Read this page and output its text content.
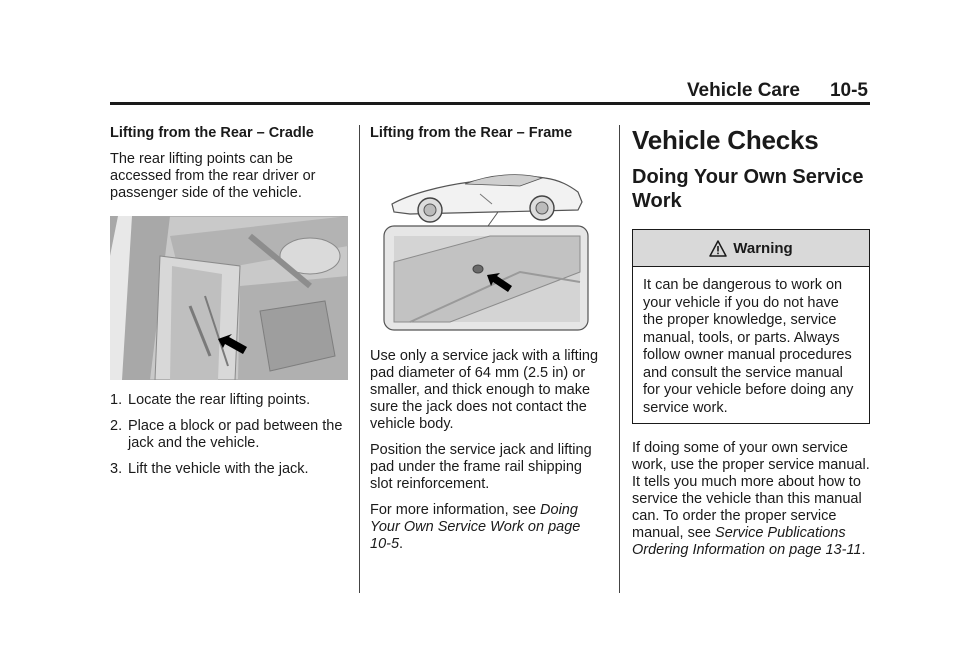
Vehicle Care 10-5
Lifting from the Rear – Cradle

The rear lifting points can be accessed from the rear driver or passenger side of the vehicle.

1. Locate the rear lifting points.
2. Place a block or pad between the jack and the vehicle.
3. Lift the vehicle with the jack.
Lifting from the Rear – Frame

Use only a service jack with a lifting pad diameter of 64 mm (2.5 in) or smaller, and thick enough to make sure the jack does not contact the vehicle body.

Position the service jack and lifting pad under the frame rail shipping slot reinforcement.

For more information, see Doing Your Own Service Work on page 10-5.

Vehicle Checks
Doing Your Own Service Work
Warning
It can be dangerous to work on your vehicle if you do not have the proper knowledge, service manual, tools, or parts. Always follow owner manual procedures and consult the service manual for your vehicle before doing any service work.

If doing some of your own service work, use the proper service manual. It tells you much more about how to service the vehicle than this manual can. To order the proper service manual, see Service Publications Ordering Information on page 13-11.
